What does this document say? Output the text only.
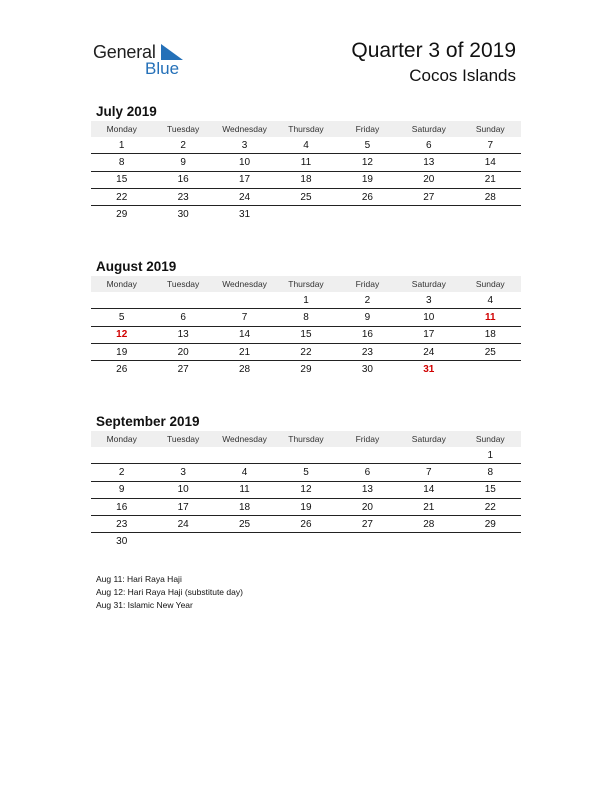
General
Blue
Quarter 3 of 2019
Cocos Islands
July 2019
Monday	Tuesday	Wednesday	Thursday	Friday	Saturday	Sunday
1	2	3	4	5	6	7
8	9	10	11	12	13	14
15	16	17	18	19	20	21
22	23	24	25	26	27	28
29	30	31				
August 2019
Monday	Tuesday	Wednesday	Thursday	Friday	Saturday	Sunday
			1	2	3	4
5	6	7	8	9	10	11
12	13	14	15	16	17	18
19	20	21	22	23	24	25
26	27	28	29	30	31	
September 2019
Monday	Tuesday	Wednesday	Thursday	Friday	Saturday	Sunday
						1
2	3	4	5	6	7	8
9	10	11	12	13	14	15
16	17	18	19	20	21	22
23	24	25	26	27	28	29
30						
Aug 11: Hari Raya Haji
Aug 12: Hari Raya Haji (substitute day)
Aug 31: Islamic New Year
